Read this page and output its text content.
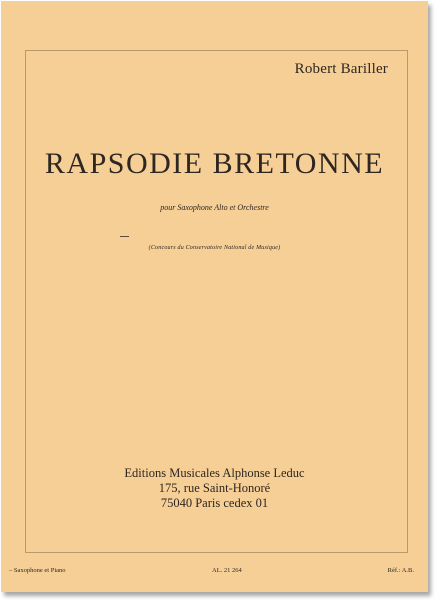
Robert Bariller
RAPSODIE BRETONNE
pour Saxophone Alto et Orchestre
(Concours du Conservatoire National de Musique)
Editions Musicales Alphonse Leduc
175, rue Saint-Honoré
75040 Paris cedex 01
– Saxophone et Piano	AL. 21 264	Réf.: A.B.
